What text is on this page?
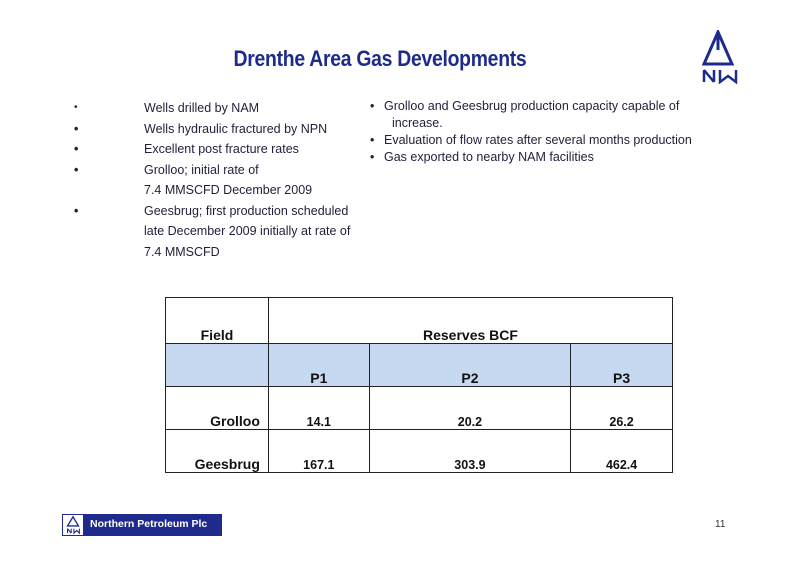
Drenthe Area Gas Developments
•	Wells drilled by NAM
•	Wells hydraulic fractured by NPN
•	Excellent post fracture rates
•	Grolloo; initial rate of
7.4 MMSCFD December 2009
•	Geesbrug; first production scheduled
late December 2009 initially at rate of
7.4 MMSCFD
• Grolloo and Geesbrug production capacity capable of
increase.
• Evaluation of flow rates after several months production
• Gas exported to nearby NAM facilities
Field	Reserves BCF		
	P1	P2	P3
Grolloo	14.1	20.2	26.2
Geesbrug	167.1	303.9	462.4
Northern Petroleum Plc	11
